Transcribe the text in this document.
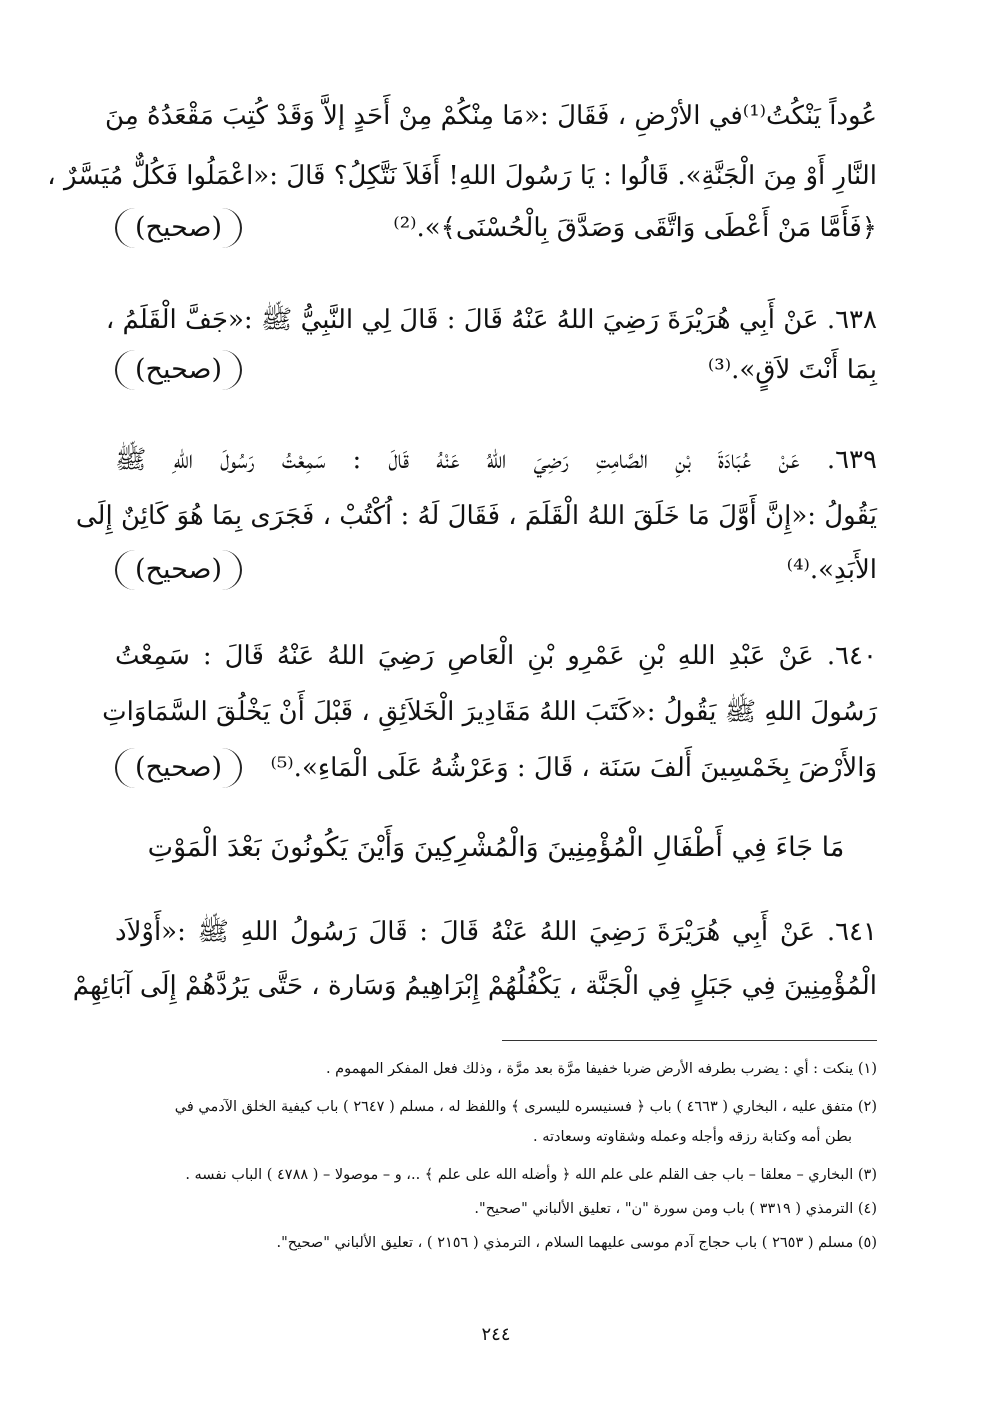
عُوداً يَنْكُتُ⁽¹⁾في الأرْضِ ، فَقَالَ :«مَا مِنْكُمْ مِنْ أَحَدٍ إلاَّ وَقَدْ كُتِبَ مَقْعَدُهُ مِنَ
النَّارِ أَوْ مِنَ الْجَنَّةِ». قَالُوا : يَا رَسُولَ اللهِ! أَفَلاَ نَتَّكِلُ؟ قَالَ :«اعْمَلُوا فَكُلٌّ مُيَسَّرٌ ،
﴿فَأَمَّا مَنْ أَعْطَى وَاتَّقَى وَصَدَّقَ بِالْحُسْنَى﴾».⁽²⁾
(صحيح)
٦٣٨. عَنْ أَبِي هُرَيْرَةَ رَضِيَ اللهُ عَنْهُ قَالَ : قَالَ لِي النَّبِيُّ ﷺ :«جَفَّ الْقَلَمُ ،
بِمَا أَنْتَ لاَقٍ».⁽³⁾
(صحيح)
٦٣٩. عَنْ عُبَادَةَ بْنِ الصَّامِتِ رَضِيَ اللهُ عَنْهُ قَالَ : سَمِعْتُ رَسُولَ اللهِ ﷺ
يَقُولُ :«إِنَّ أَوَّلَ مَا خَلَقَ اللهُ الْقَلَمَ ، فَقَالَ لَهُ : اُكْتُبْ ، فَجَرَى بِمَا هُوَ كَائِنٌ إِلَى
الأَبَدِ».⁽⁴⁾
(صحيح)
٦٤٠. عَنْ عَبْدِ اللهِ بْنِ عَمْرِو بْنِ الْعَاصِ رَضِيَ اللهُ عَنْهُ قَالَ : سَمِعْتُ
رَسُولَ اللهِ ﷺ يَقُولُ :«كَتَبَ اللهُ مَقَادِيرَ الْخَلاَئِقِ ، قَبْلَ أَنْ يَخْلُقَ السَّمَاوَاتِ
وَالأَرْضَ بِخَمْسِينَ أَلفَ سَنَة ، قَالَ : وَعَرْشُهُ عَلَى الْمَاءِ».⁽⁵⁾
(صحيح)
مَا جَاءَ فِي أَطْفَالِ الْمُؤْمِنِينَ وَالْمُشْرِكِينَ وَأَيْنَ يَكُونُونَ بَعْدَ الْمَوْتِ
٦٤١. عَنْ أَبِي هُرَيْرَةَ رَضِيَ اللهُ عَنْهُ قَالَ : قَالَ رَسُولُ اللهِ ﷺ :«أَوْلاَد
الْمُؤْمِنِينَ فِي جَبَلٍ فِي الْجَنَّة ، يَكْفُلُهُمْ إِبْرَاهِيمُ وَسَارة ، حَتَّى يَرُدَّهُمْ إِلَى آبَائِهِمْ
(١) ينكت : أي : يضرب بطرفه الأرض ضربا خفيفا مرَّة بعد مرَّة ، وذلك فعل المفكر المهموم .
(٢) متفق عليه ، البخاري ( ٤٦٦٣ ) باب ﴿ فسنيسره لليسرى ﴾ واللفظ له ، مسلم ( ٢٦٤٧ ) باب كيفية الخلق الآدمي في
بطن أمه وكتابة رزقه وأجله وعمله وشقاوته وسعادته .
(٣) البخاري – معلقا – باب جف القلم على علم الله ﴿ وأضله الله على علم ﴾ ..، و – موصولا – ( ٤٧٨٨ ) الباب نفسه .
(٤) الترمذي ( ٣٣١٩ ) باب ومن سورة "ن" ، تعليق الألباني "صحيح".
(٥) مسلم ( ٢٦٥٣ ) باب حجاج آدم موسى عليهما السلام ، الترمذي ( ٢١٥٦ ) ، تعليق الألباني "صحيح".
٢٤٤
